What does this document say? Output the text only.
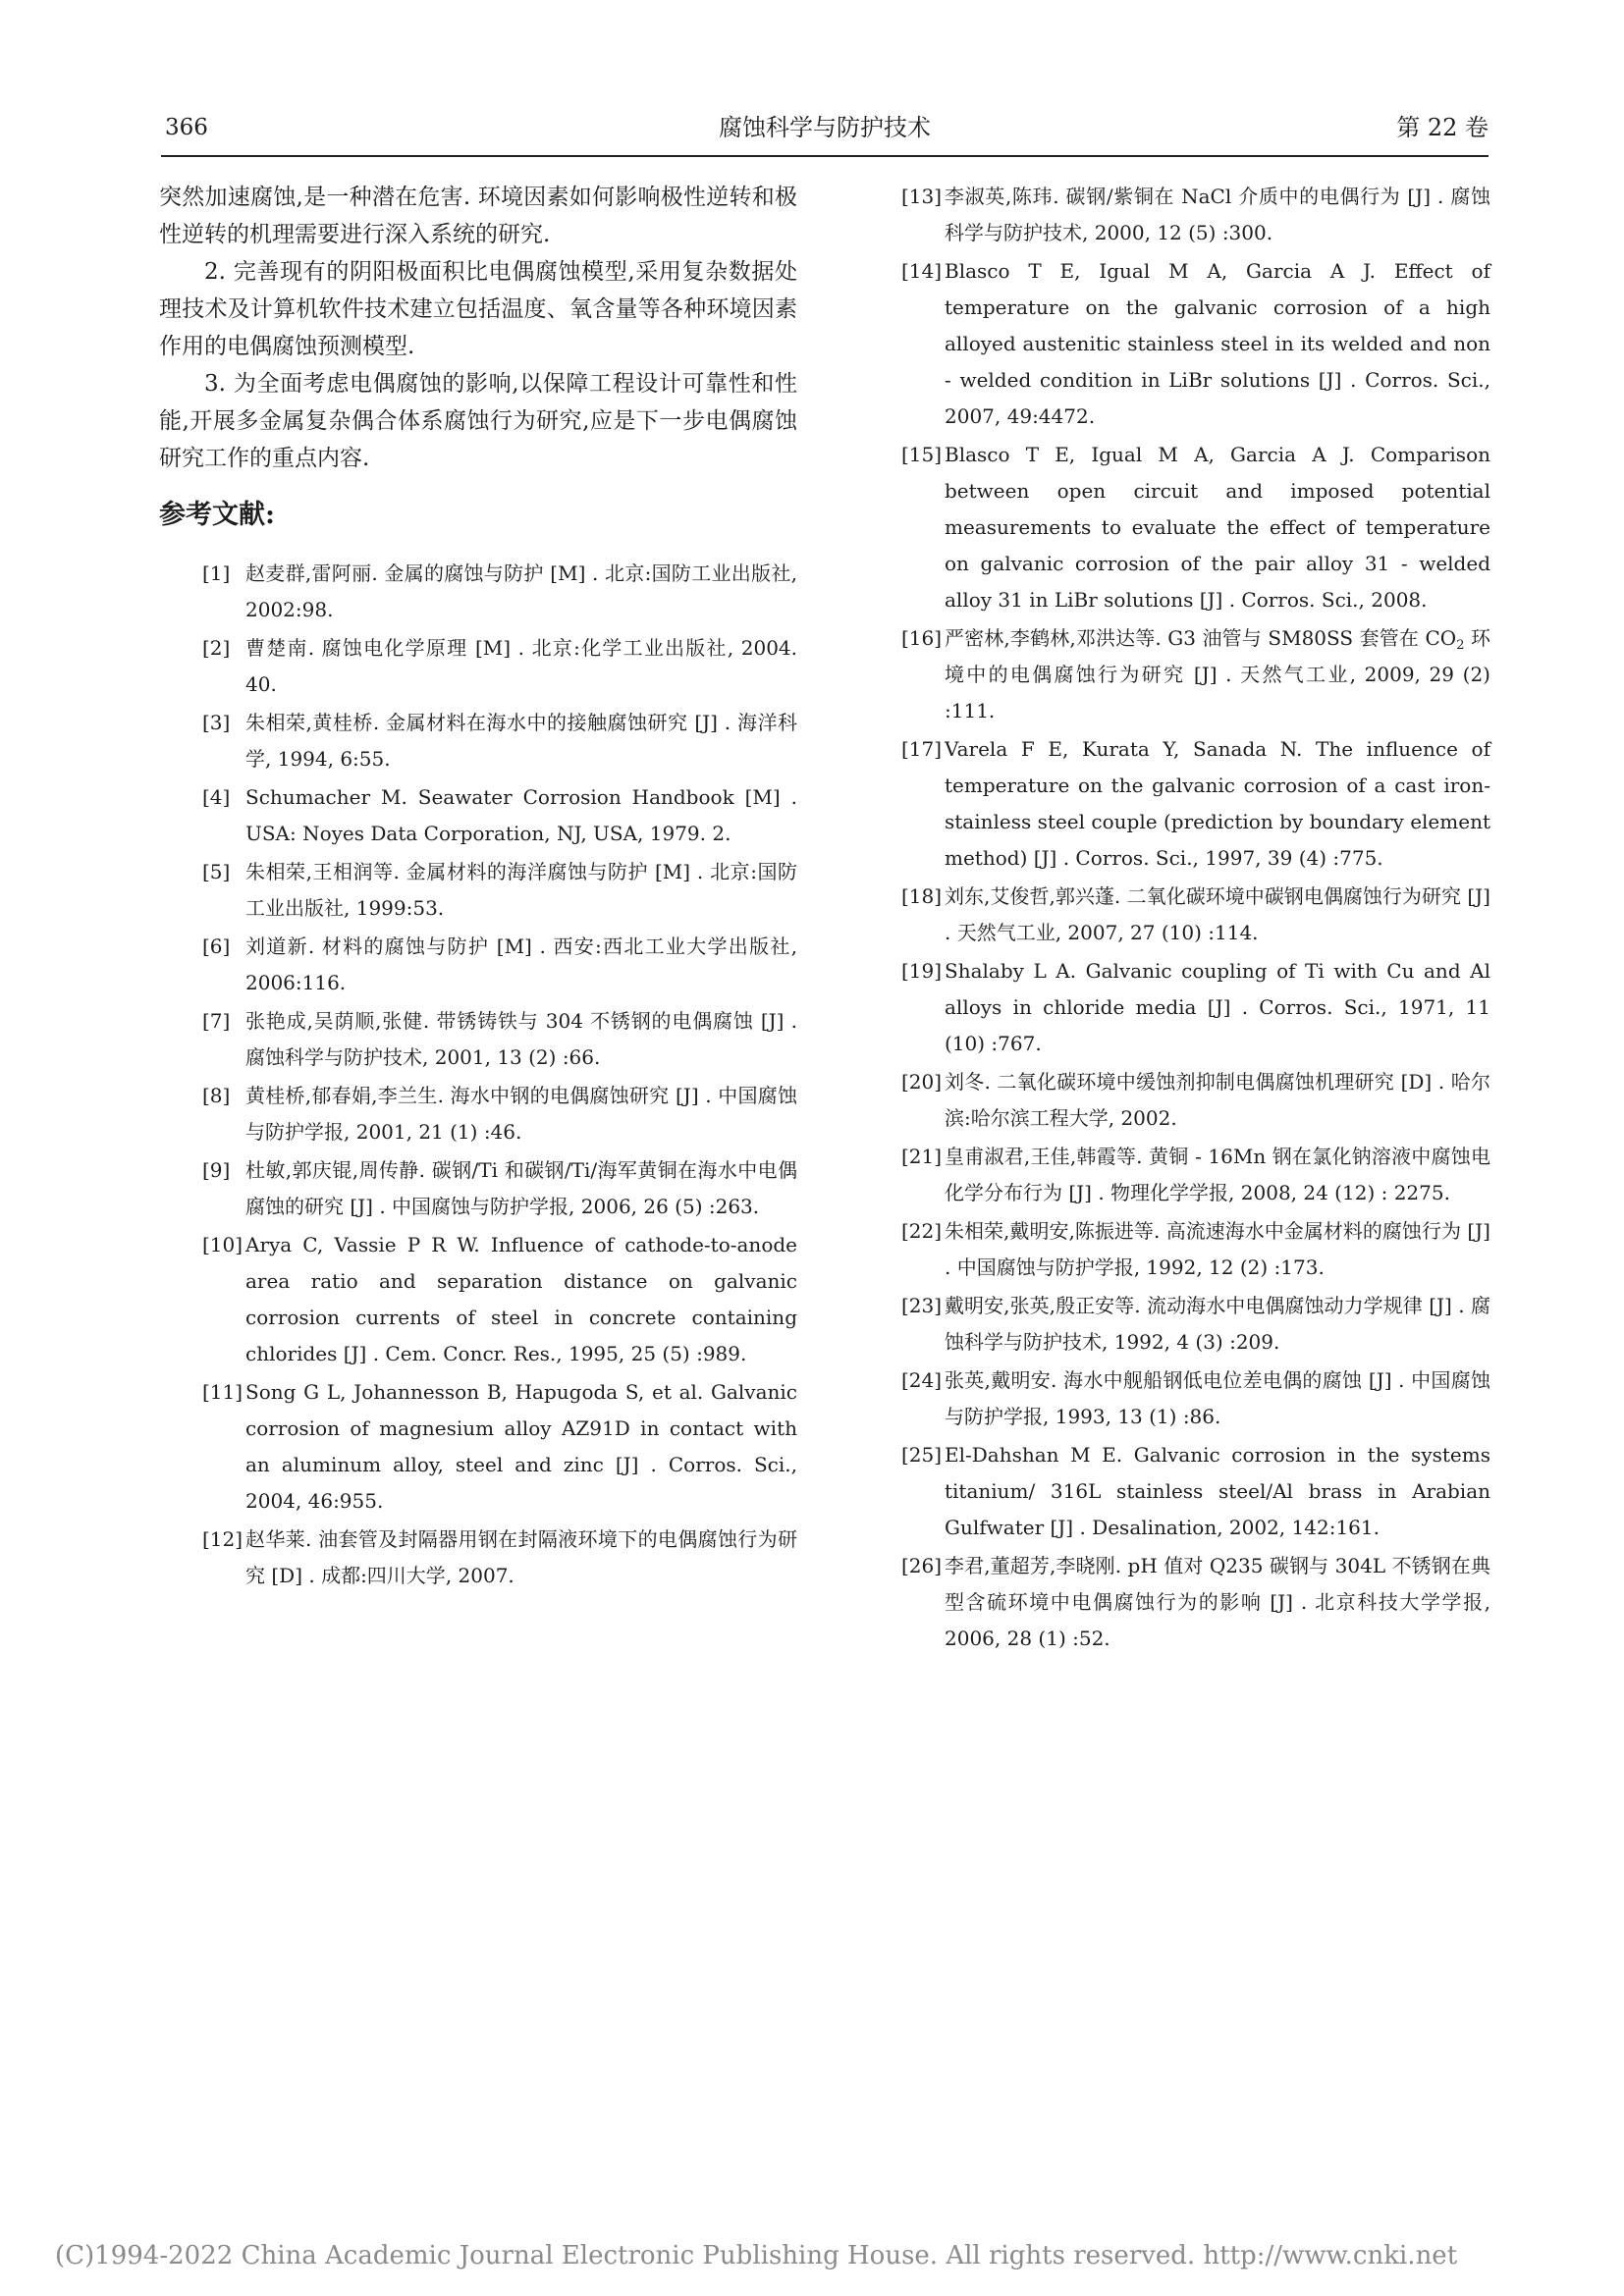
366	腐蚀科学与防护技术	第 22 卷

突然加速腐蚀,是一种潜在危害. 环境因素如何影响极性逆转和极性逆转的机理需要进行深入系统的研究.

2. 完善现有的阴阳极面积比电偶腐蚀模型,采用复杂数据处理技术及计算机软件技术建立包括温度、氧含量等各种环境因素作用的电偶腐蚀预测模型.

3. 为全面考虑电偶腐蚀的影响,以保障工程设计可靠性和性能,开展多金属复杂偶合体系腐蚀行为研究,应是下一步电偶腐蚀研究工作的重点内容.

参考文献:
[1] 赵麦群,雷阿丽. 金属的腐蚀与防护 [M] . 北京:国防工业出版社, 2002:98.
[2] 曹楚南. 腐蚀电化学原理 [M] . 北京:化学工业出版社, 2004. 40.
[3] 朱相荣,黄桂桥. 金属材料在海水中的接触腐蚀研究 [J] . 海洋科学, 1994, 6:55.
[4] Schumacher M. Seawater Corrosion Handbook [M] . USA: Noyes Data Corporation, NJ, USA, 1979. 2.
[5] 朱相荣,王相润等. 金属材料的海洋腐蚀与防护 [M] . 北京:国防工业出版社, 1999:53.
[6] 刘道新. 材料的腐蚀与防护 [M] . 西安:西北工业大学出版社, 2006:116.
[7] 张艳成,吴荫顺,张健. 带锈铸铁与 304 不锈钢的电偶腐蚀 [J] . 腐蚀科学与防护技术, 2001, 13 (2) :66.
[8] 黄桂桥,郁春娟,李兰生. 海水中钢的电偶腐蚀研究 [J] . 中国腐蚀与防护学报, 2001, 21 (1) :46.
[9] 杜敏,郭庆锟,周传静. 碳钢/Ti 和碳钢/Ti/海军黄铜在海水中电偶腐蚀的研究 [J] . 中国腐蚀与防护学报, 2006, 26 (5) :263.
[10] Arya C, Vassie P R W. Influence of cathode-to-anode area ratio and separation distance on galvanic corrosion currents of steel in concrete containing chlorides [J] . Cem. Concr. Res., 1995, 25 (5) :989.
[11] Song G L, Johannesson B, Hapugoda S, et al. Galvanic corrosion of magnesium alloy AZ91D in contact with an aluminum alloy, steel and zinc [J] . Corros. Sci., 2004, 46:955.
[12] 赵华莱. 油套管及封隔器用钢在封隔液环境下的电偶腐蚀行为研究 [D] . 成都:四川大学, 2007.
[13] 李淑英,陈玮. 碳钢/紫铜在 NaCl 介质中的电偶行为 [J] . 腐蚀科学与防护技术, 2000, 12 (5) :300.
[14] Blasco T E, Igual M A, Garcia A J. Effect of temperature on the galvanic corrosion of a high alloyed austenitic stainless steel in its welded and non - welded condition in LiBr solutions [J] . Corros. Sci., 2007, 49:4472.
[15] Blasco T E, Igual M A, Garcia A J. Comparison between open circuit and imposed potential measurements to evaluate the effect of temperature on galvanic corrosion of the pair alloy 31 - welded alloy 31 in LiBr solutions [J] . Corros. Sci., 2008.
[16] 严密林,李鹤林,邓洪达等. G3 油管与 SM80SS 套管在 $CO_2$ 环境中的电偶腐蚀行为研究 [J] . 天然气工业, 2009, 29 (2) :111.
[17] Varela F E, Kurata Y, Sanada N. The influence of temperature on the galvanic corrosion of a cast iron-stainless steel couple (prediction by boundary element method) [J] . Corros. Sci., 1997, 39 (4) :775.
[18] 刘东,艾俊哲,郭兴蓬. 二氧化碳环境中碳钢电偶腐蚀行为研究 [J] . 天然气工业, 2007, 27 (10) :114.
[19] Shalaby L A. Galvanic coupling of Ti with Cu and Al alloys in chloride media [J] . Corros. Sci., 1971, 11 (10) :767.
[20] 刘冬. 二氧化碳环境中缓蚀剂抑制电偶腐蚀机理研究 [D] . 哈尔滨:哈尔滨工程大学, 2002.
[21] 皇甫淑君,王佳,韩霞等. 黄铜 - 16Mn 钢在氯化钠溶液中腐蚀电化学分布行为 [J] . 物理化学学报, 2008, 24 (12) : 2275.
[22] 朱相荣,戴明安,陈振进等. 高流速海水中金属材料的腐蚀行为 [J] . 中国腐蚀与防护学报, 1992, 12 (2) :173.
[23] 戴明安,张英,殷正安等. 流动海水中电偶腐蚀动力学规律 [J] . 腐蚀科学与防护技术, 1992, 4 (3) :209.
[24] 张英,戴明安. 海水中舰船钢低电位差电偶的腐蚀 [J] . 中国腐蚀与防护学报, 1993, 13 (1) :86.
[25] El-Dahshan M E. Galvanic corrosion in the systems titanium/ 316L stainless steel/Al brass in Arabian Gulfwater [J] . Desalination, 2002, 142:161.
[26] 李君,董超芳,李晓刚. pH 值对 Q235 碳钢与 304L 不锈钢在典型含硫环境中电偶腐蚀行为的影响 [J] . 北京科技大学学报, 2006, 28 (1) :52.
(C)1994-2022 China Academic Journal Electronic Publishing House. All rights reserved. http://www.cnki.net
